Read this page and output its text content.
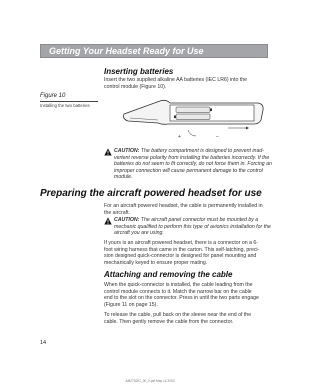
Getting Your Headset Ready for Use
Inserting batteries
Insert the two supplied alkaline AA batteries (IEC LR6) into the
control module (Figure 10).
Figure 10
Installing the two batteries
+	–
CAUTION: The battery compartment is designed to prevent inad-
vertent reverse polarity from installing the batteries incorrectly. If the
batteries do not seem to fit correctly, do not force them in. Forcing an
improper connection will cause permanent damage to the control
module.
Preparing the aircraft powered headset for use
For an aircraft powered headset, the cable is permanently installed in
the aircraft.
CAUTION: The aircraft panel connector must be mounted by a
mechanic qualified to perform this type of avionics installation for the
aircraft you are using.
If yours is an aircraft powered headset, there is a connector on a 6-
foot wiring harness that came in the carton. This self-latching, preci-
sion designed quick-connector is designed for panel mounting and
mechanically keyed to ensure proper mating.
Attaching and removing the cable
When the quick-connector is installed, the cable leading from the
control module connects to it. Match the narrow bar on the cable
end to the slot on the connector. Press in until the two parts engage
(Figure 11 on page 15).
To release the cable, pull back on the sleeve near the end of the
cable. Then gently remove the cable from the connector.
14
AM275201_00_V.pdf May 14 2003
